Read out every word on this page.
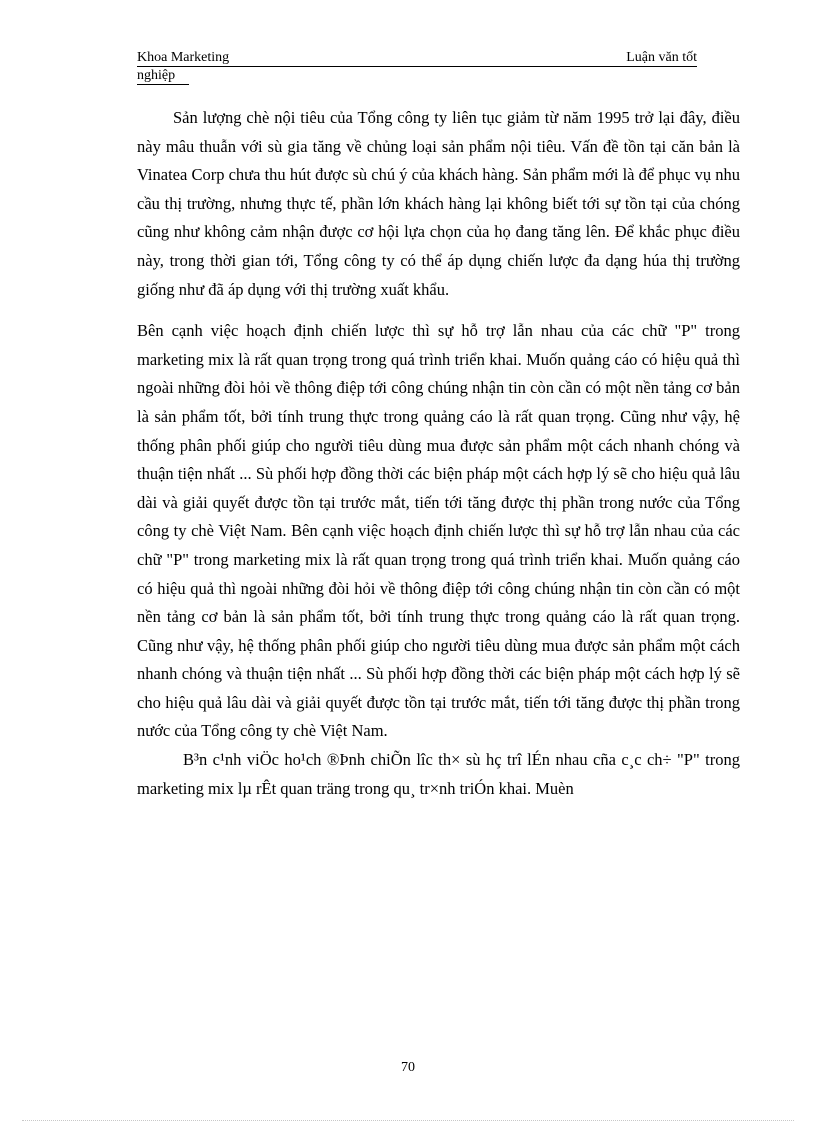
Khoa Marketing	Luận văn tốt
nghiệp

Sản lượng chè nội tiêu của Tổng công ty liên tục giảm từ năm 1995 trở lại đây, điều này mâu thuẫn với sù gia tăng về chủng loại sản phẩm nội tiêu. Vấn đề tồn tại căn bản là Vinatea Corp chưa thu hút được sù chú ý của khách hàng. Sản phẩm mới là để phục vụ nhu cầu thị trường, nhưng thực tế, phần lớn khách hàng lại không biết tới sự tồn tại của chóng cũng như không cảm nhận được cơ hội lựa chọn của họ đang tăng lên. Để khắc phục điều này, trong thời gian tới, Tổng công ty có thể áp dụng chiến lược đa dạng húa thị trường giống như đã áp dụng với thị trường xuất khẩu.

Bên cạnh việc hoạch định chiến lược thì sự hỗ trợ lẫn nhau của các chữ "P" trong marketing mix là rất quan trọng trong quá trình triển khai. Muốn quảng cáo có hiệu quả thì ngoài những đòi hỏi về thông điệp tới công chúng nhận tin còn cần có một nền tảng cơ bản là sản phẩm tốt, bởi tính trung thực trong quảng cáo là rất quan trọng. Cũng như vậy, hệ thống phân phối giúp cho người tiêu dùng mua được sản phẩm một cách nhanh chóng và thuận tiện nhất ... Sù phối hợp đồng thời các biện pháp một cách hợp lý sẽ cho hiệu quả lâu dài và giải quyết được tồn tại trước mắt, tiến tới tăng được thị phần trong nước của Tổng công ty chè Việt Nam. Bên cạnh việc hoạch định chiến lược thì sự hỗ trợ lẫn nhau của các chữ "P" trong marketing mix là rất quan trọng trong quá trình triển khai. Muốn quảng cáo có hiệu quả thì ngoài những đòi hỏi về thông điệp tới công chúng nhận tin còn cần có một nền tảng cơ bản là sản phẩm tốt, bởi tính trung thực trong quảng cáo là rất quan trọng. Cũng như vậy, hệ thống phân phối giúp cho người tiêu dùng mua được sản phẩm một cách nhanh chóng và thuận tiện nhất ... Sù phối hợp đồng thời các biện pháp một cách hợp lý sẽ cho hiệu quả lâu dài và giải quyết được tồn tại trước mắt, tiến tới tăng được thị phần trong nước của Tổng công ty chè Việt Nam.

B³n c¹nh viÖc ho¹ch ®Þnh chiÕn lîc th× sù hç trî lÉn nhau cña c¸c ch÷ "P" trong marketing mix lµ rÊt quan träng trong qu¸ tr×nh triÓn khai. Muèn

70
